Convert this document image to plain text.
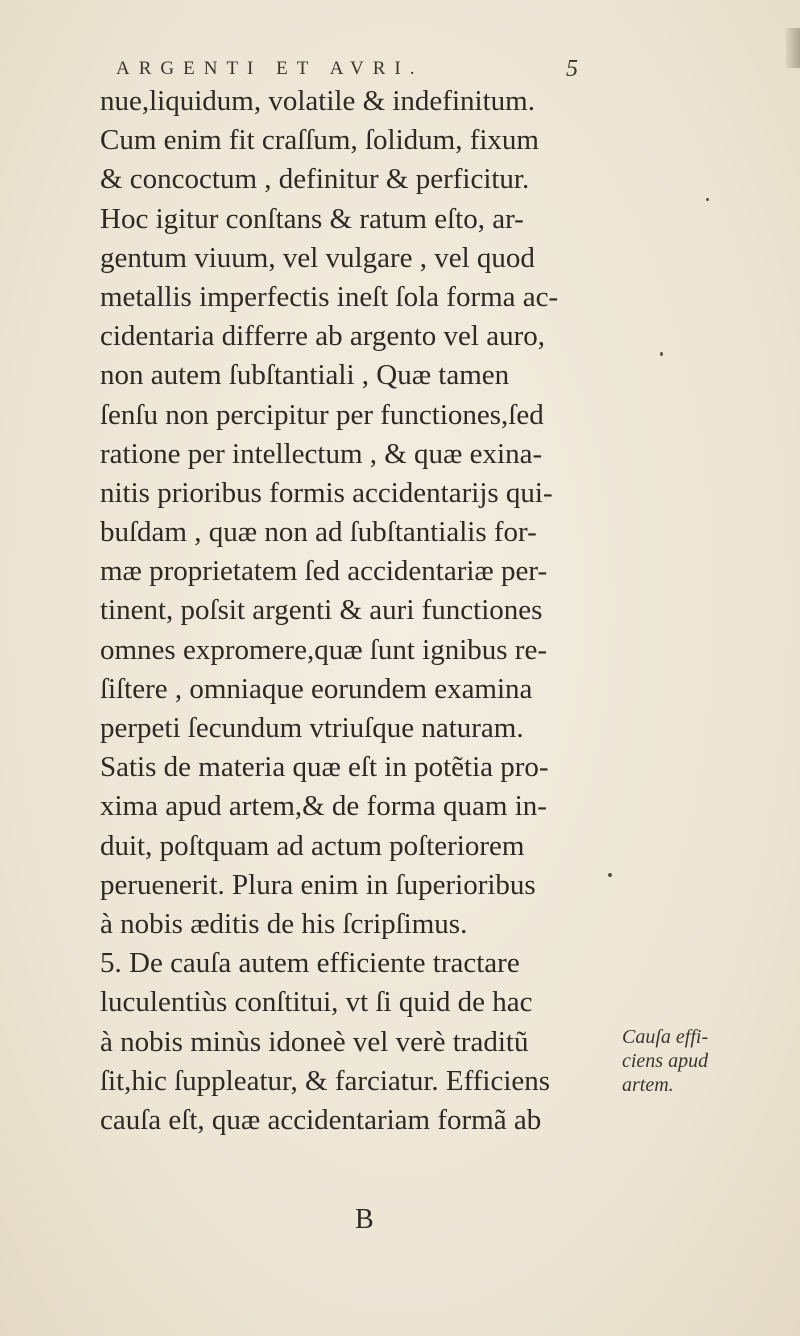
ARGENTI ET AVRI.	5
nue,liquidum, volatile & indefinitum.
Cum enim fit craſſum, ſolidum, fixum
& concoctum , definitur & perficitur.
Hoc igitur conſtans & ratum eſto, ar-
gentum viuum, vel vulgare , vel quod
metallis imperfectis ineſt ſola forma ac-
cidentaria differre ab argento vel auro,
non autem ſubſtantiali , Quæ tamen
ſenſu non percipitur per functiones,ſed
ratione per intellectum , & quæ exina-
nitis prioribus formis accidentarijs qui-
buſdam , quæ non ad ſubſtantialis for-
mæ proprietatem ſed accidentariæ per-
tinent, poſsit argenti & auri functiones
omnes expromere,quæ ſunt ignibus re-
ſiſtere , omniaque eorundem examina
perpeti ſecundum vtriuſque naturam.
Satis de materia quæ eſt in potẽtia pro-
xima apud artem,& de forma quam in-
duit, poſtquam ad actum poſteriorem
peruenerit. Plura enim in ſuperioribus
à nobis æditis de his ſcripſimus.
5. De cauſa autem efficiente tractare
luculentiùs conſtitui, vt ſi quid de hac
à nobis minùs idoneè vel verè traditũ
ſit,hic ſuppleatur, & farciatur. Efficiens
cauſa eſt, quæ accidentariam formã ab
Cauſa effi-
ciens apud
artem.
B
